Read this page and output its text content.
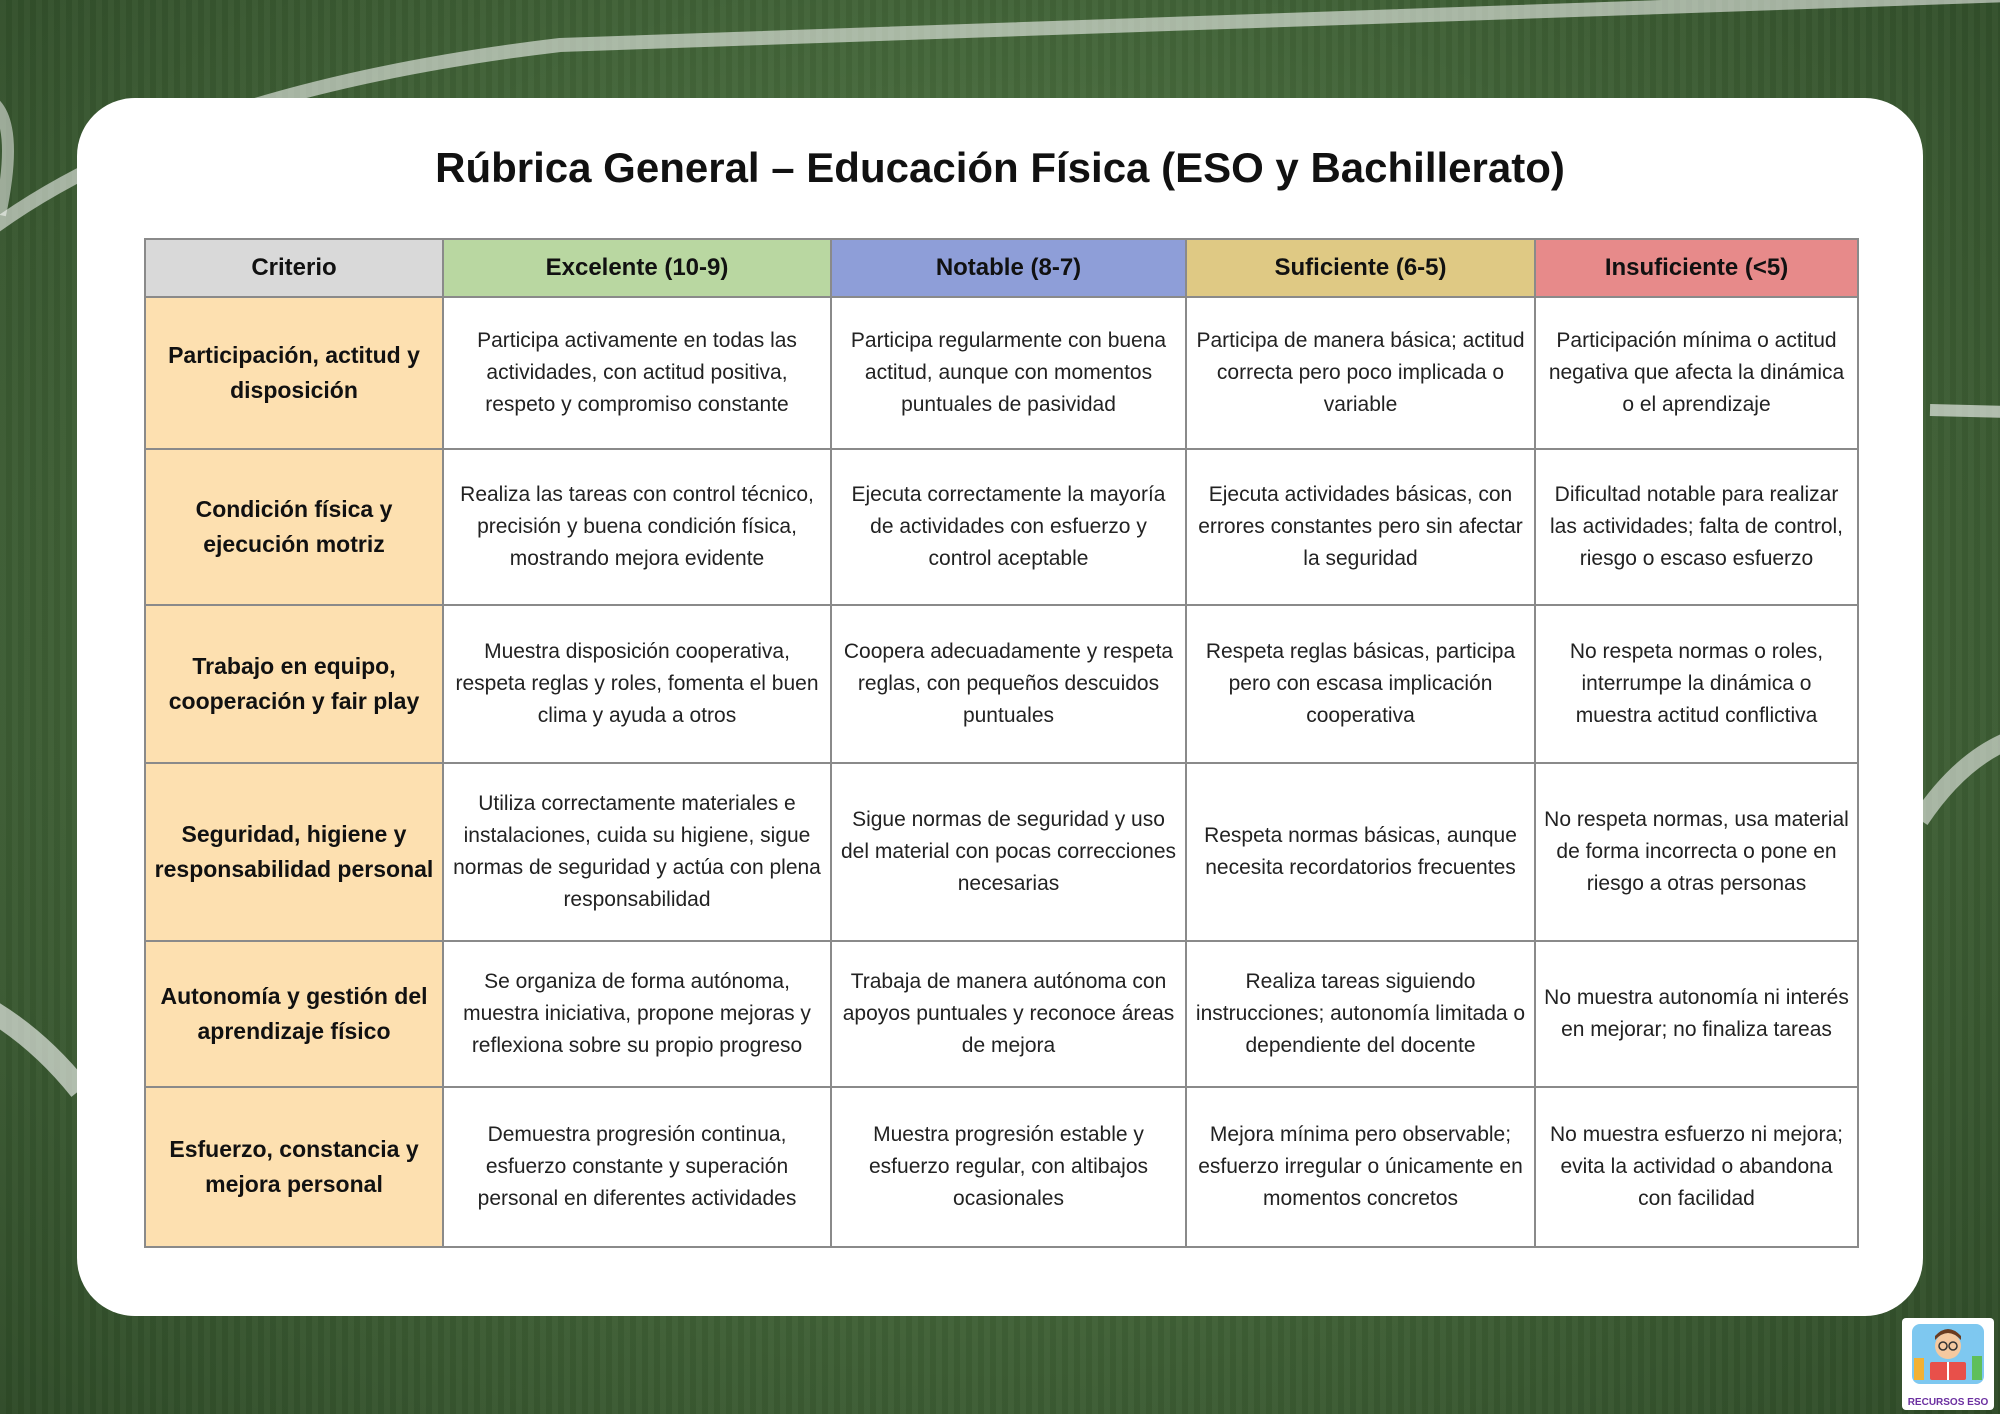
Rúbrica General – Educación Física (ESO y Bachillerato)
Criterio	Excelente (10-9)	Notable (8-7)	Suficiente (6-5)	Insuficiente (<5)
Participación, actitud y disposición	Participa activamente en todas las actividades, con actitud positiva, respeto y compromiso constante	Participa regularmente con buena actitud, aunque con momentos puntuales de pasividad	Participa de manera básica; actitud correcta pero poco implicada o variable	Participación mínima o actitud negativa que afecta la dinámica o el aprendizaje
Condición física y ejecución motriz	Realiza las tareas con control técnico, precisión y buena condición física, mostrando mejora evidente	Ejecuta correctamente la mayoría de actividades con esfuerzo y control aceptable	Ejecuta actividades básicas, con errores constantes pero sin afectar la seguridad	Dificultad notable para realizar las actividades; falta de control, riesgo o escaso esfuerzo
Trabajo en equipo, cooperación y fair play	Muestra disposición cooperativa, respeta reglas y roles, fomenta el buen clima y ayuda a otros	Coopera adecuadamente y respeta reglas, con pequeños descuidos puntuales	Respeta reglas básicas, participa pero con escasa implicación cooperativa	No respeta normas o roles, interrumpe la dinámica o muestra actitud conflictiva
Seguridad, higiene y responsabilidad personal	Utiliza correctamente materiales e instalaciones, cuida su higiene, sigue normas de seguridad y actúa con plena responsabilidad	Sigue normas de seguridad y uso del material con pocas correcciones necesarias	Respeta normas básicas, aunque necesita recordatorios frecuentes	No respeta normas, usa material de forma incorrecta o pone en riesgo a otras personas
Autonomía y gestión del aprendizaje físico	Se organiza de forma autónoma, muestra iniciativa, propone mejoras y reflexiona sobre su propio progreso	Trabaja de manera autónoma con apoyos puntuales y reconoce áreas de mejora	Realiza tareas siguiendo instrucciones; autonomía limitada o dependiente del docente	No muestra autonomía ni interés en mejorar; no finaliza tareas
Esfuerzo, constancia y mejora personal	Demuestra progresión continua, esfuerzo constante y superación personal en diferentes actividades	Muestra progresión estable y esfuerzo regular, con altibajos ocasionales	Mejora mínima pero observable; esfuerzo irregular o únicamente en momentos concretos	No muestra esfuerzo ni mejora; evita la actividad o abandona con facilidad
RECURSOS ESO
